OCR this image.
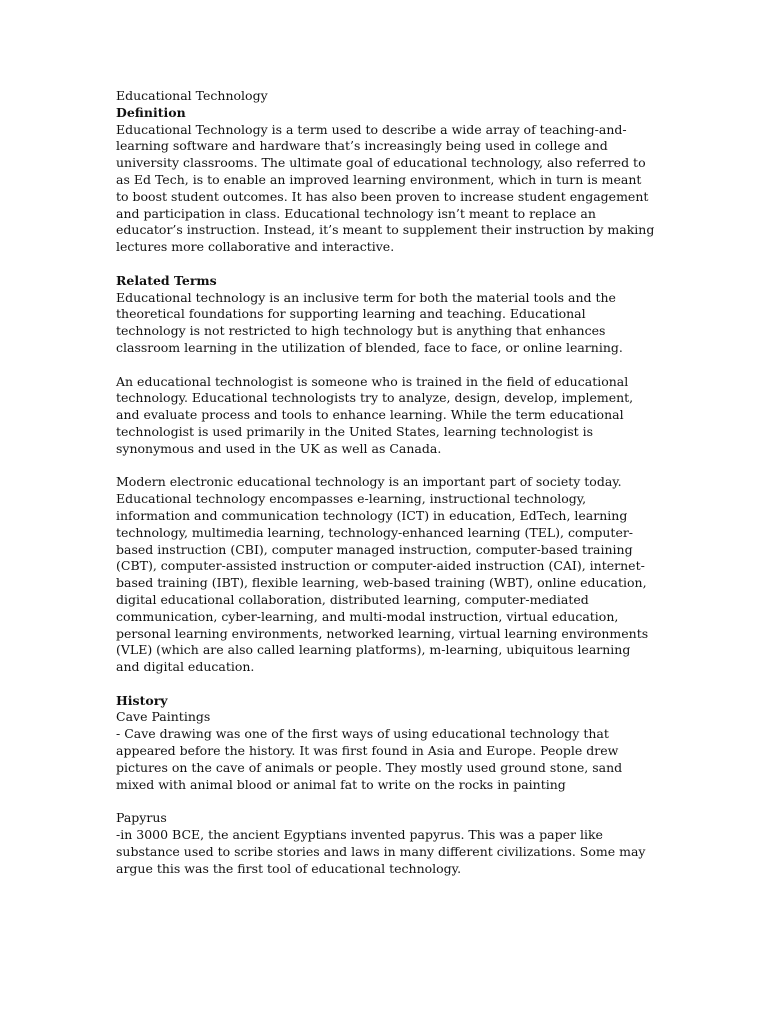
Educational Technology

Definition

Educational Technology is a term used to describe a wide array of teaching-and-learning software and hardware that’s increasingly being used in college and university classrooms. The ultimate goal of educational technology, also referred to as Ed Tech, is to enable an improved learning environment, which in turn is meant to boost student outcomes. It has also been proven to increase student engagement and participation in class. Educational technology isn’t meant to replace an educator’s instruction. Instead, it’s meant to supplement their instruction by making lectures more collaborative and interactive.

Related Terms

Educational technology is an inclusive term for both the material tools and the theoretical foundations for supporting learning and teaching. Educational technology is not restricted to high technology but is anything that enhances classroom learning in the utilization of blended, face to face, or online learning.

An educational technologist is someone who is trained in the field of educational technology. Educational technologists try to analyze, design, develop, implement, and evaluate process and tools to enhance learning. While the term educational technologist is used primarily in the United States, learning technologist is synonymous and used in the UK as well as Canada.

Modern electronic educational technology is an important part of society today. Educational technology encompasses e-learning, instructional technology, information and communication technology (ICT) in education, EdTech, learning technology, multimedia learning, technology-enhanced learning (TEL), computer-based instruction (CBI), computer managed instruction, computer-based training (CBT), computer-assisted instruction or computer-aided instruction (CAI), internet-based training (IBT), flexible learning, web-based training (WBT), online education, digital educational collaboration, distributed learning, computer-mediated communication, cyber-learning, and multi-modal instruction, virtual education, personal learning environments, networked learning, virtual learning environments (VLE) (which are also called learning platforms), m-learning, ubiquitous learning and digital education.

History

Cave Paintings

- Cave drawing was one of the first ways of using educational technology that appeared before the history. It was first found in Asia and Europe. People drew pictures on the cave of animals or people. They mostly used ground stone, sand mixed with animal blood or animal fat to write on the rocks in painting

Papyrus

-in 3000 BCE, the ancient Egyptians invented papyrus. This was a paper like substance used to scribe stories and laws in many different civilizations. Some may argue this was the first tool of educational technology.
